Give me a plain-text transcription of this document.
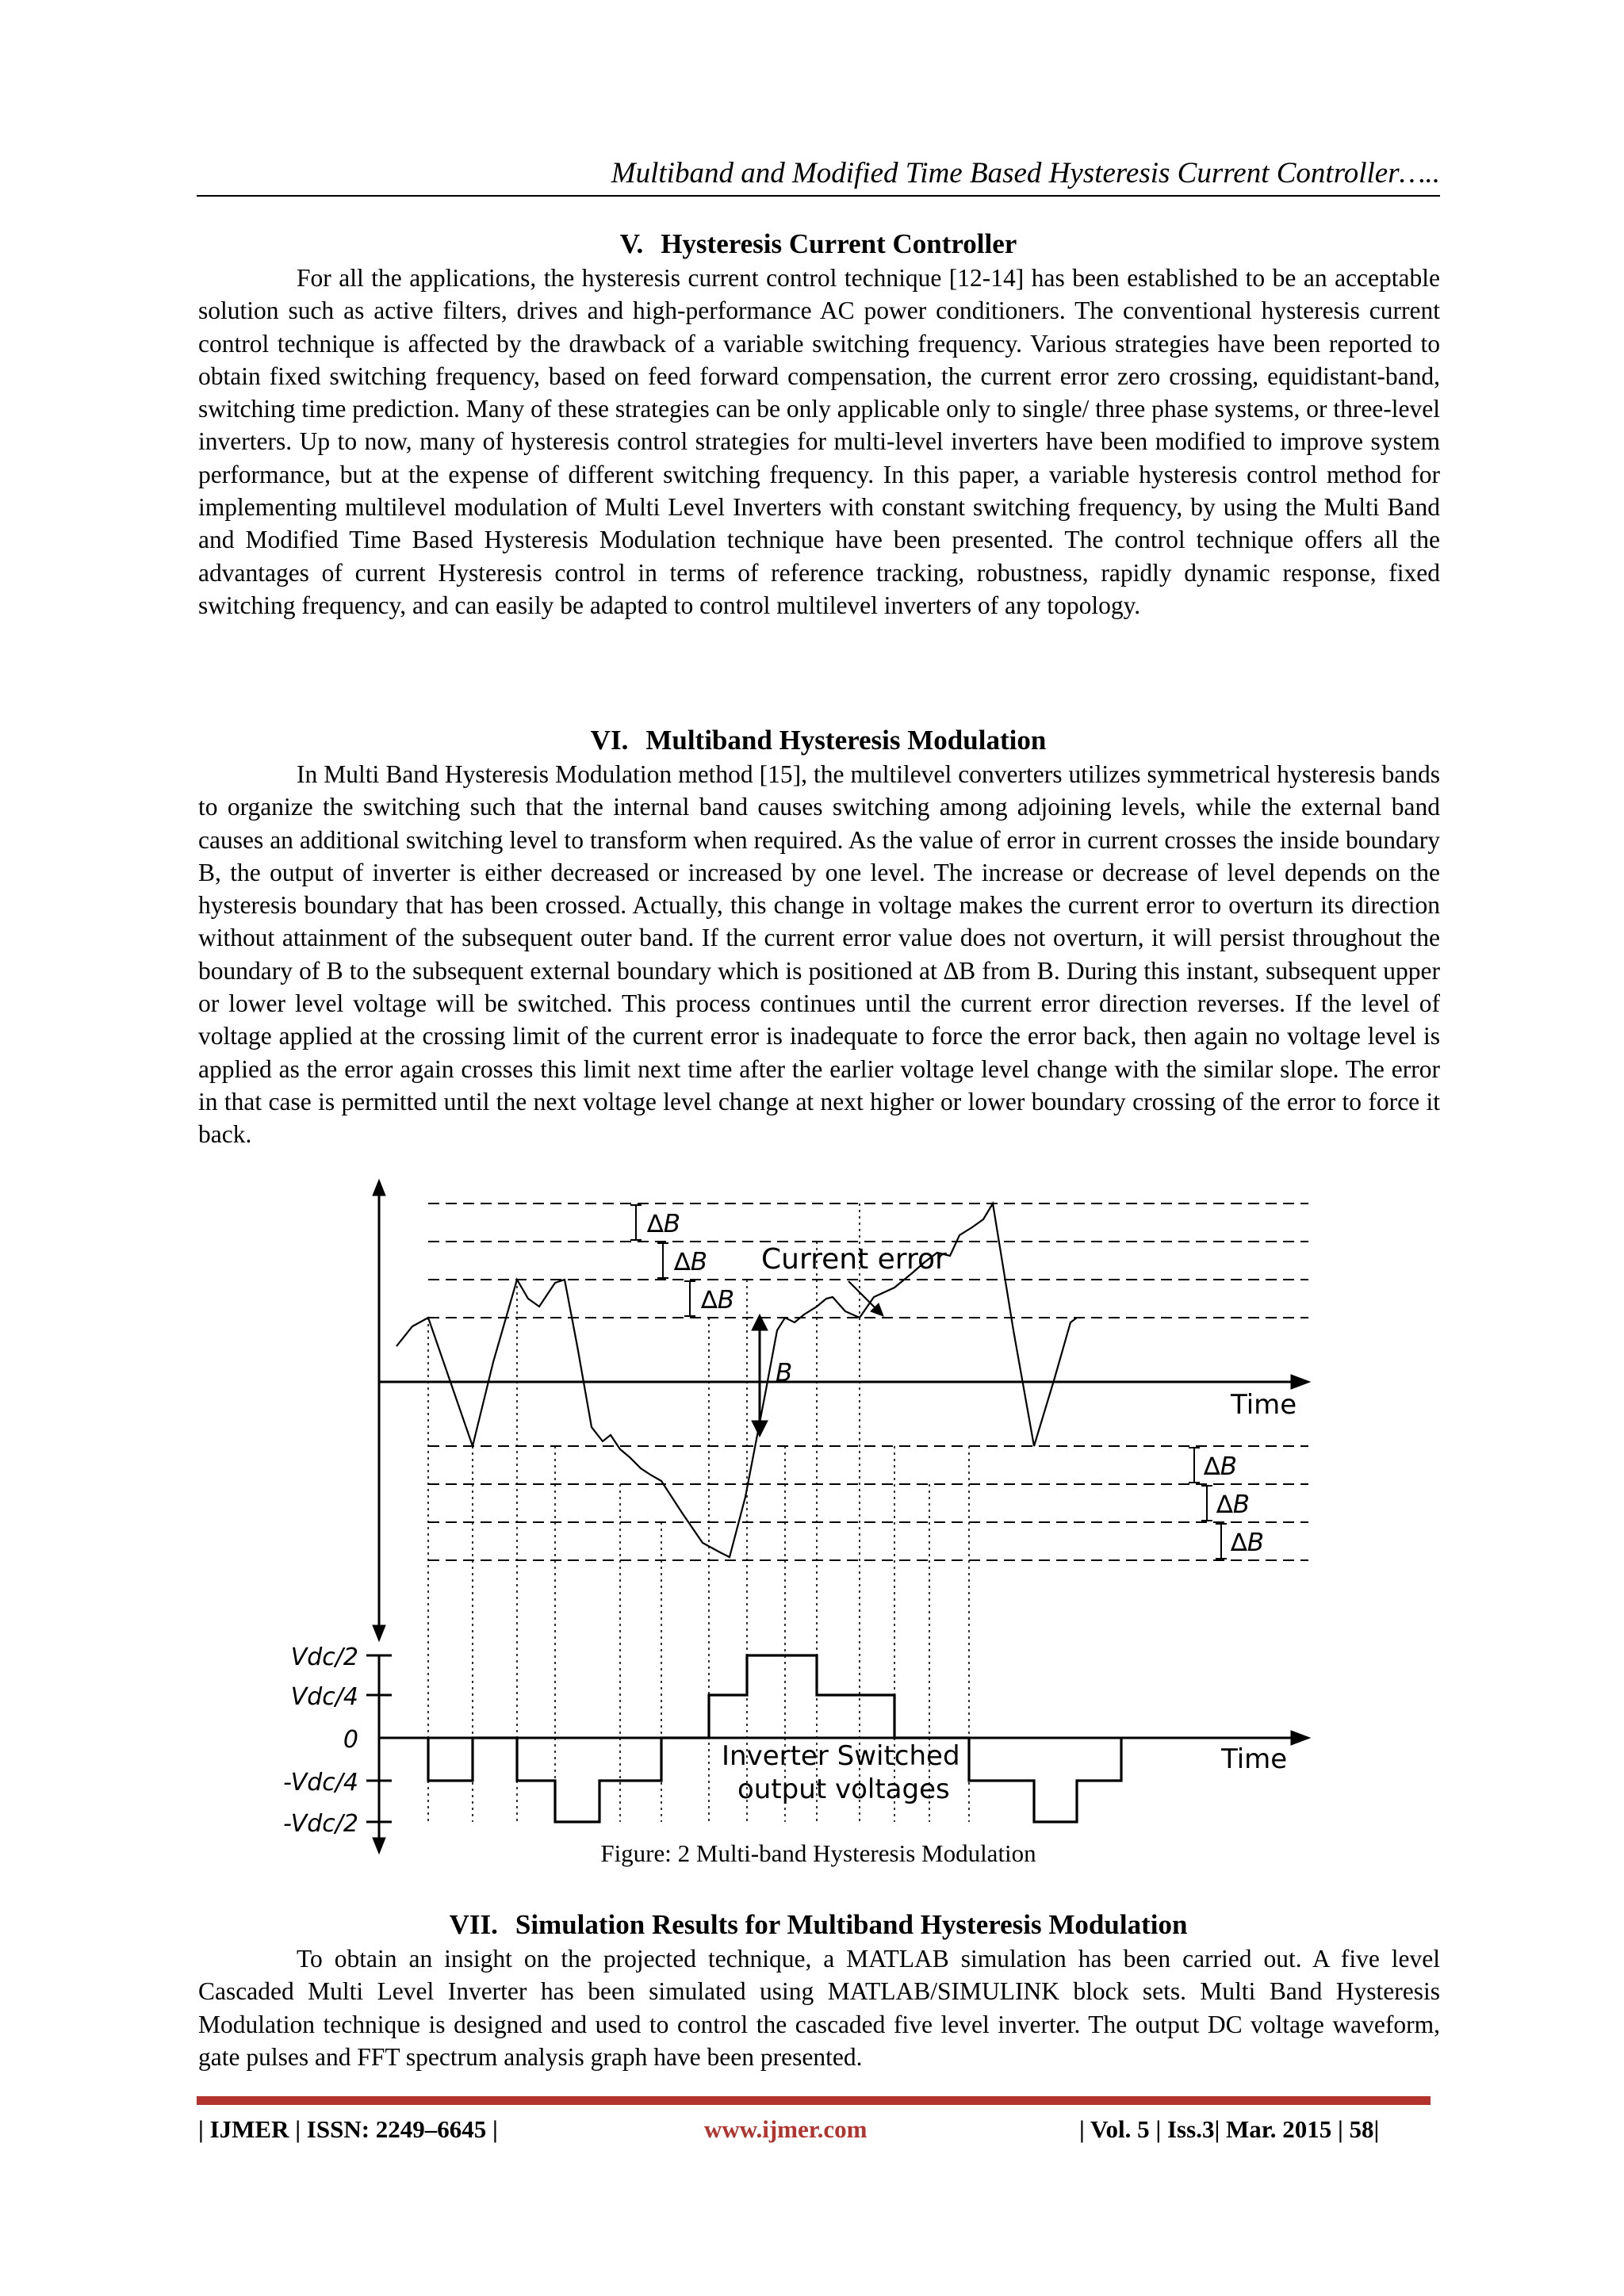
Multiband and Modified Time Based Hysteresis Current Controller…..
V. Hysteresis Current Controller

For all the applications, the hysteresis current control technique [12-14] has been established to be an acceptable solution such as active filters, drives and high-performance AC power conditioners. The conventional hysteresis current control technique is affected by the drawback of a variable switching frequency. Various strategies have been reported to obtain fixed switching frequency, based on feed forward compensation, the current error zero crossing, equidistant-band, switching time prediction. Many of these strategies can be only applicable only to single/ three phase systems, or three-level inverters. Up to now, many of hysteresis control strategies for multi-level inverters have been modified to improve system performance, but at the expense of different switching frequency. In this paper, a variable hysteresis control method for implementing multilevel modulation of Multi Level Inverters with constant switching frequency, by using the Multi Band and Modified Time Based Hysteresis Modulation technique have been presented. The control technique offers all the advantages of current Hysteresis control in terms of reference tracking, robustness, rapidly dynamic response, fixed switching frequency, and can easily be adapted to control multilevel inverters of any topology.

VI. Multiband Hysteresis Modulation

In Multi Band Hysteresis Modulation method [15], the multilevel converters utilizes symmetrical hysteresis bands to organize the switching such that the internal band causes switching among adjoining levels, while the external band causes an additional switching level to transform when required. As the value of error in current crosses the inside boundary B, the output of inverter is either decreased or increased by one level. The increase or decrease of level depends on the hysteresis boundary that has been crossed. Actually, this change in voltage makes the current error to overturn its direction without attainment of the subsequent outer band. If the current error value does not overturn, it will persist throughout the boundary of B to the subsequent external boundary which is positioned at ∆B from B. During this instant, subsequent upper or lower level voltage will be switched. This process continues until the current error direction reverses. If the level of voltage applied at the crossing limit of the current error is inadequate to force the error back, then again no voltage level is applied as the error again crosses this limit next time after the earlier voltage level change with the similar slope. The error in that case is permitted until the next voltage level change at next higher or lower boundary crossing of the error to force it back.

∆B
∆B
∆B
∆B
∆B
∆B
B
Current error
Time
Time
Inverter Switched
output voltages
Vdc/2
Vdc/4
0
-Vdc/4
-Vdc/2
Figure: 2 Multi-band Hysteresis Modulation
VII. Simulation Results for Multiband Hysteresis Modulation

To obtain an insight on the projected technique, a MATLAB simulation has been carried out. A five level Cascaded Multi Level Inverter has been simulated using MATLAB/SIMULINK block sets. Multi Band Hysteresis Modulation technique is designed and used to control the cascaded five level inverter. The output DC voltage waveform, gate pulses and FFT spectrum analysis graph have been presented.

| IJMER | ISSN: 2249–6645 |	www.ijmer.com	| Vol. 5 | Iss.3| Mar. 2015 | 58|
